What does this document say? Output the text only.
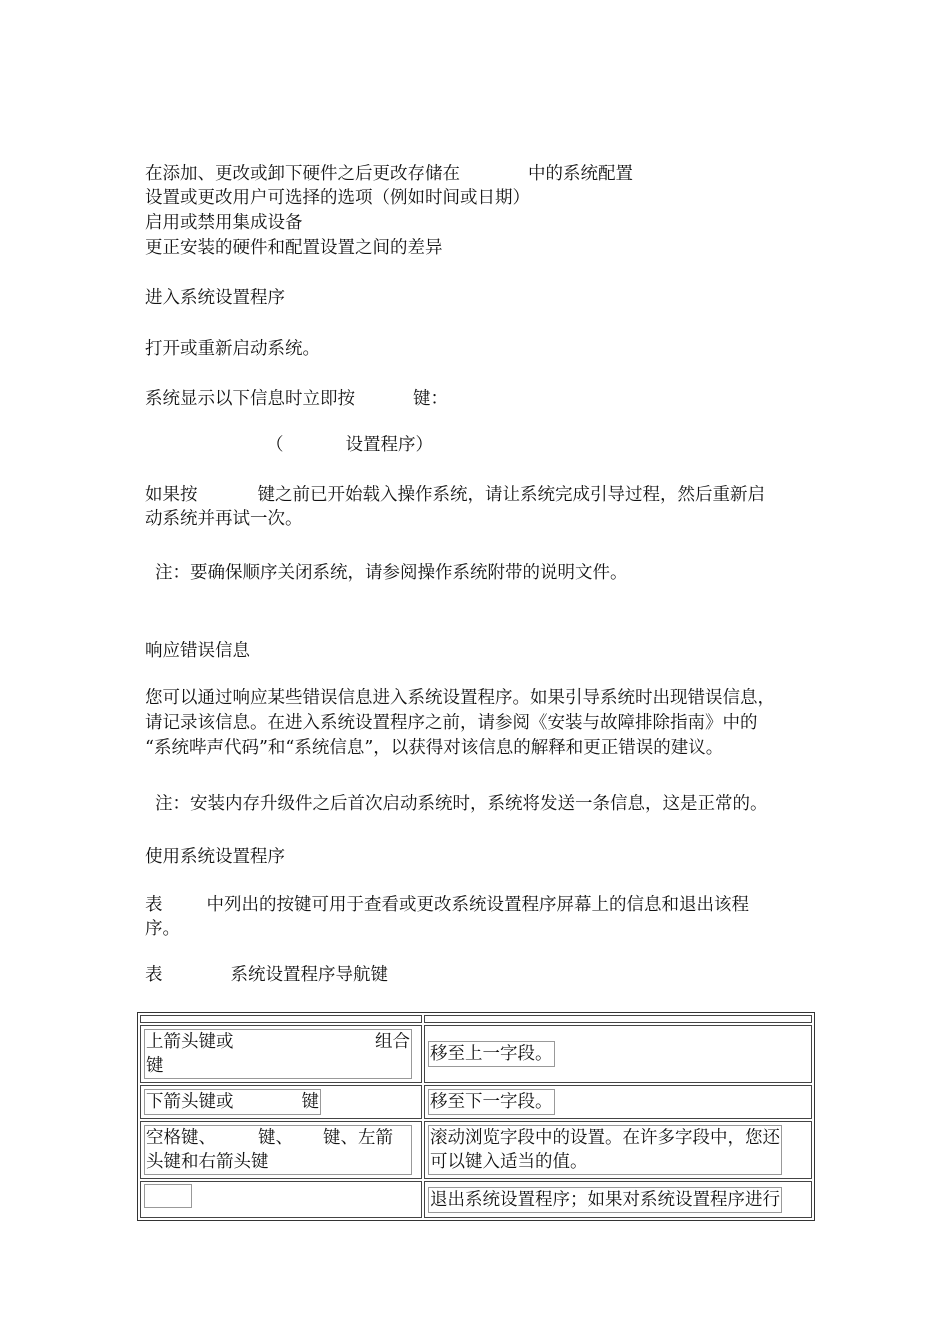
在添加、更改或卸下硬件之后更改存储在	中的系统配置
设置或更改用户可选择的选项（例如时间或日期）
启用或禁用集成设备
更正安装的硬件和配置设置之间的差异
进入系统设置程序
打开或重新启动系统。
系统显示以下信息时立即按	键：
（	设置程序）
如果按	键之前已开始载入操作系统，请让系统完成引导过程，然后重新启
动系统并再试一次。
注：要确保顺序关闭系统，请参阅操作系统附带的说明文件。
响应错误信息
您可以通过响应某些错误信息进入系统设置程序。如果引导系统时出现错误信息，
请记录该信息。在进入系统设置程序之前，请参阅《安装与故障排除指南》中的
“系统哔声代码”和“系统信息”，以获得对该信息的解释和更正错误的建议。
注：安装内存升级件之后首次启动系统时，系统将发送一条信息，这是正常的。
使用系统设置程序
表	中列出的按键可用于查看或更改系统设置程序屏幕上的信息和退出该程
序。
表	系统设置程序导航键

上箭头键或 组合

键	移至上一字段。
下箭头键或 键	移至下一字段。
空格键、 键、 键、左箭
头键和右箭头键	滚动浏览字段中的设置。在许多字段中，您还
可以键入适当的值。
	退出系统设置程序；如果对系统设置程序进行
